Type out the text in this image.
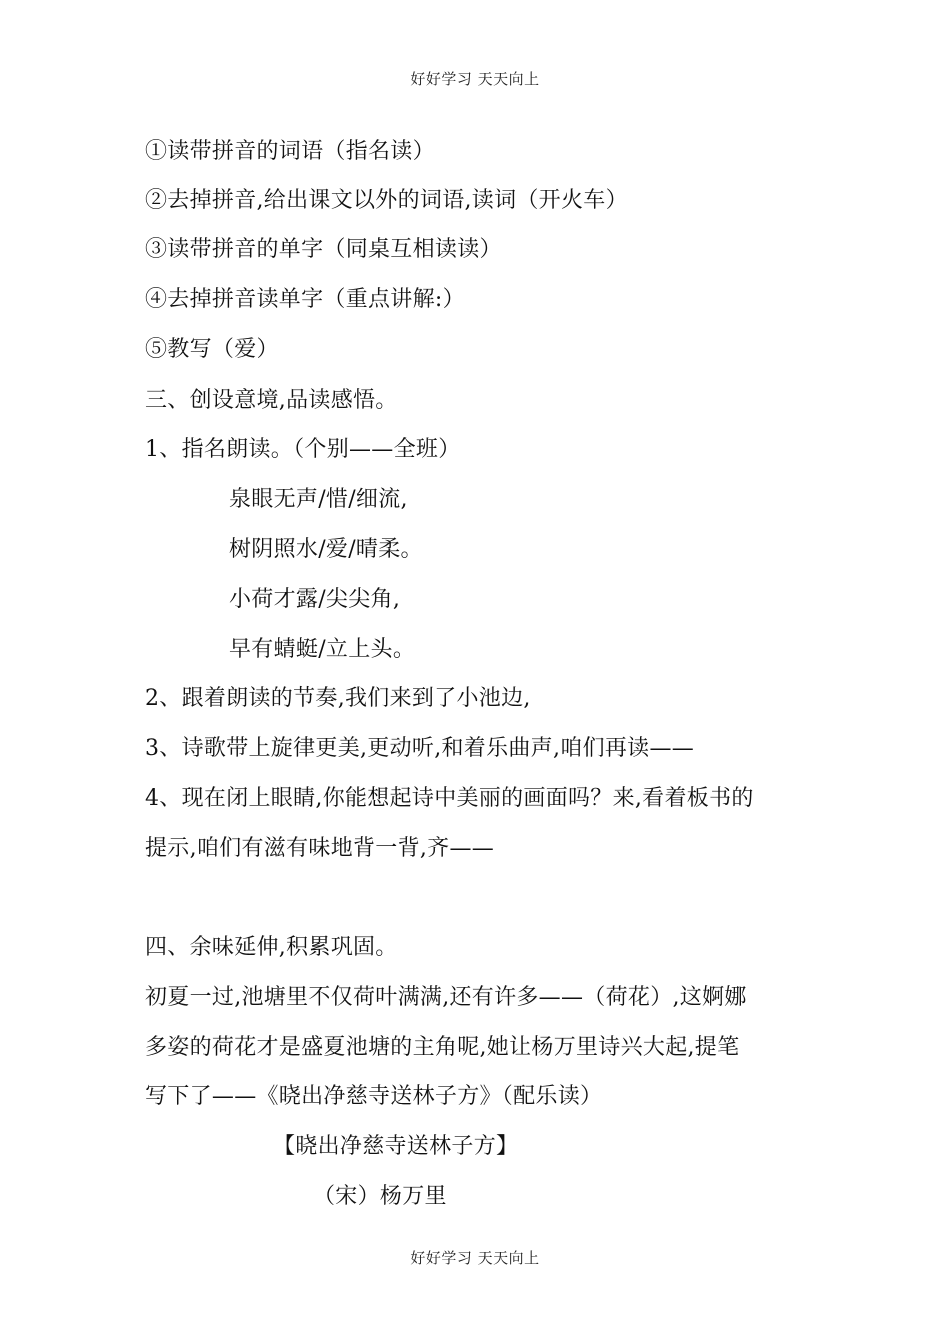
好好学习 天天向上
①读带拼音的词语（指名读）
②去掉拼音,给出课文以外的词语,读词（开火车）
③读带拼音的单字（同桌互相读读）
④去掉拼音读单字（重点讲解:）
⑤教写（爱）
三、创设意境,品读感悟。
1、指名朗读。（个别——全班）
泉眼无声/惜/细流,
树阴照水/爱/晴柔。
小荷才露/尖尖角,
早有蜻蜓/立上头。
2、跟着朗读的节奏,我们来到了小池边,
3、诗歌带上旋律更美,更动听,和着乐曲声,咱们再读——
4、现在闭上眼睛,你能想起诗中美丽的画面吗？来,看着板书的
提示,咱们有滋有味地背一背,齐——
四、余味延伸,积累巩固。
初夏一过,池塘里不仅荷叶满满,还有许多——（荷花）,这婀娜
多姿的荷花才是盛夏池塘的主角呢,她让杨万里诗兴大起,提笔
写下了——《晓出净慈寺送林子方》（配乐读）
【晓出净慈寺送林子方】
（宋）杨万里
好好学习 天天向上
